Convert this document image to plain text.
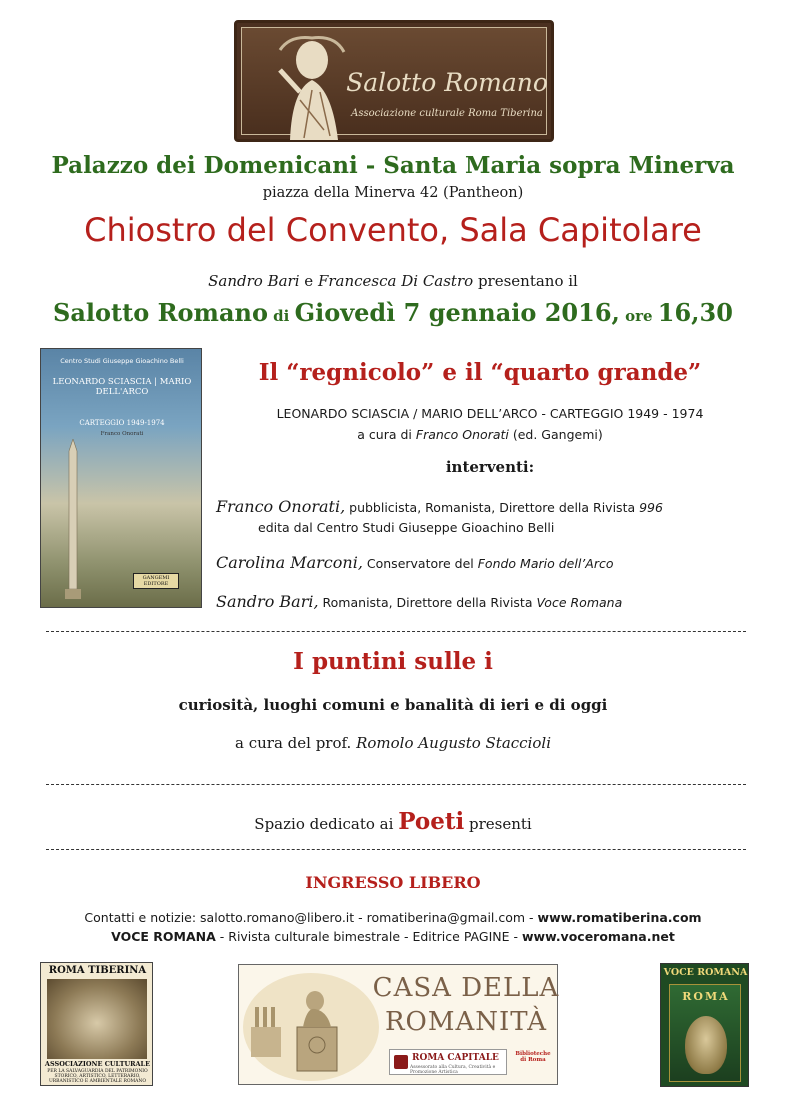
Salotto Romano
Associazione culturale Roma Tiberina
Palazzo dei Domenicani - Santa Maria sopra Minerva
piazza della Minerva 42 (Pantheon)
Chiostro del Convento, Sala Capitolare
Sandro Bari e Francesca Di Castro presentano il
Salotto Romano di Giovedì 7 gennaio 2016, ore 16,30
Centro Studi Giuseppe Gioachino Belli
LEONARDO SCIASCIA | MARIO DELL'ARCO
CARTEGGIO 1949-1974
Franco Onorati
GANGEMI EDITORE
Il “regnicolo” e il “quarto grande”
LEONARDO SCIASCIA / MARIO DELL’ARCO - CARTEGGIO 1949 - 1974
a cura di Franco Onorati (ed. Gangemi)
interventi:
Franco Onorati, pubblicista, Romanista, Direttore della Rivista 996
edita dal Centro Studi Giuseppe Gioachino Belli
Carolina Marconi, Conservatore del Fondo Mario dell’Arco
Sandro Bari, Romanista, Direttore della Rivista Voce Romana
I puntini sulle i
curiosità, luoghi comuni e banalità di ieri e di oggi
a cura del prof. Romolo Augusto Staccioli
Spazio dedicato ai Poeti presenti
INGRESSO LIBERO
Contatti e notizie: salotto.romano@libero.it - romatiberina@gmail.com - www.romatiberina.com
VOCE ROMANA - Rivista culturale bimestrale - Editrice PAGINE - www.voceromana.net
ROMA TIBERINA
ASSOCIAZIONE CULTURALE
PER LA SALVAGUARDIA DEL PATRIMONIO STORICO, ARTISTICO, LETTERARIO, URBANISTICO E AMBIENTALE ROMANO
CASA DELLA
ROMANITÀ
ROMA CAPITALE
Assessorato alla Cultura, Creatività e Promozione Artistica
Biblioteche di Roma
VOCE ROMANA
ROMA
